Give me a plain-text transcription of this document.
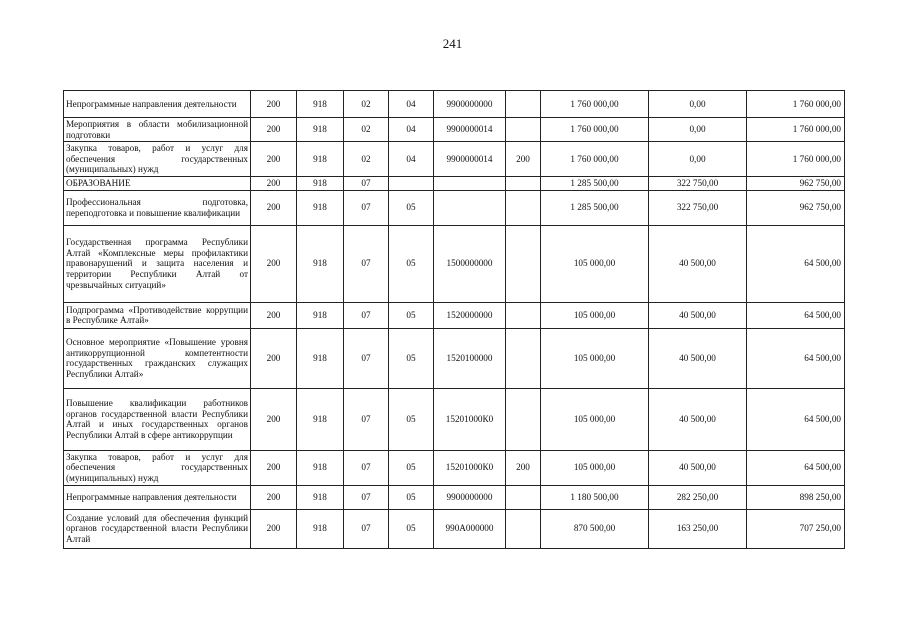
241
Непрограммные направления деятельности	200	918	02	04	9900000000		1 760 000,00	0,00	1 760 000,00
Мероприятия в области мобилизационной подготовки	200	918	02	04	9900000014		1 760 000,00	0,00	1 760 000,00
Закупка товаров, работ и услуг для обеспечения государственных (муниципальных) нужд	200	918	02	04	9900000014	200	1 760 000,00	0,00	1 760 000,00
ОБРАЗОВАНИЕ	200	918	07				1 285 500,00	322 750,00	962 750,00
Профессиональная подготовка, переподготовка и повышение квалификации	200	918	07	05			1 285 500,00	322 750,00	962 750,00
Государственная программа Республики Алтай «Комплексные меры профилактики правонарушений и защита населения и территории Республики Алтай от чрезвычайных ситуаций»	200	918	07	05	1500000000		105 000,00	40 500,00	64 500,00
Подпрограмма «Противодействие коррупции в Республике Алтай»	200	918	07	05	1520000000		105 000,00	40 500,00	64 500,00
Основное мероприятие «Повышение уровня антикоррупционной компетентности государственных гражданских служащих Республики Алтай»	200	918	07	05	1520100000		105 000,00	40 500,00	64 500,00
Повышение квалификации работников органов государственной власти Республики Алтай и иных государственных органов Республики Алтай в сфере антикоррупции	200	918	07	05	15201000К0		105 000,00	40 500,00	64 500,00
Закупка товаров, работ и услуг для обеспечения государственных (муниципальных) нужд	200	918	07	05	15201000К0	200	105 000,00	40 500,00	64 500,00
Непрограммные направления деятельности	200	918	07	05	9900000000		1 180 500,00	282 250,00	898 250,00
Создание условий для обеспечения функций органов государственной власти Республики Алтай	200	918	07	05	990А000000		870 500,00	163 250,00	707 250,00
